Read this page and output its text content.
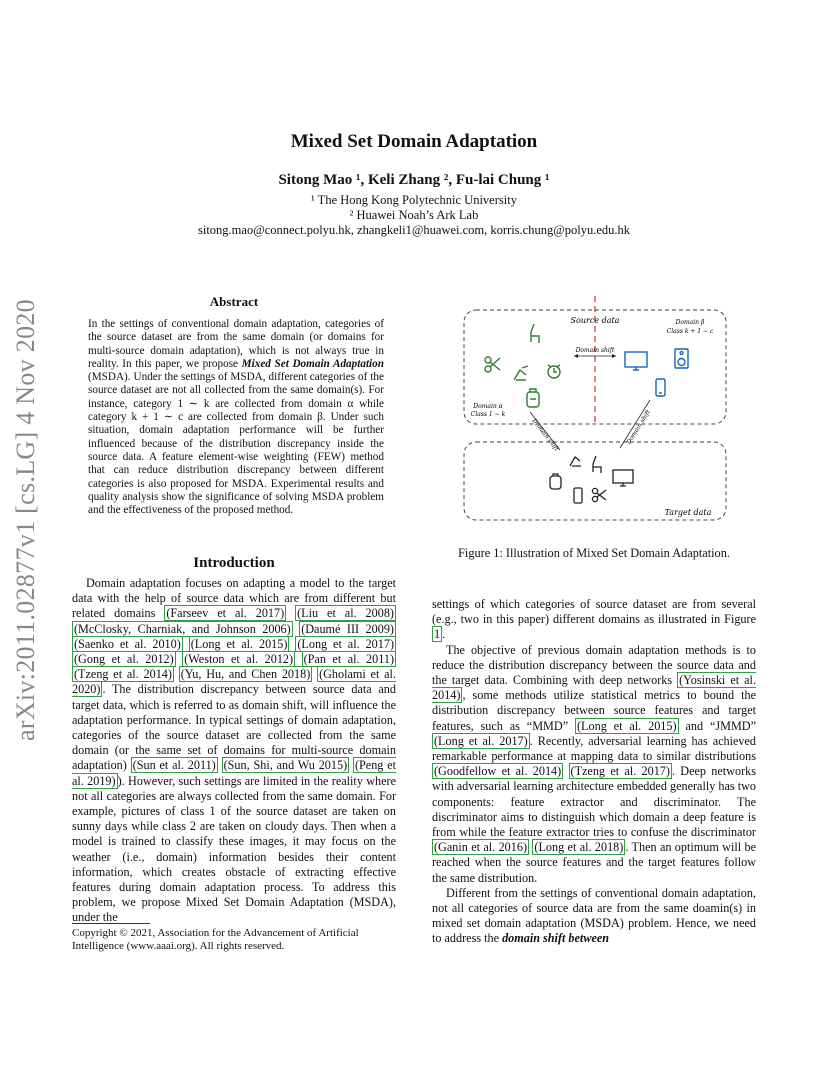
arXiv:2011.02877v1 [cs.LG] 4 Nov 2020
Mixed Set Domain Adaptation
Sitong Mao ¹, Keli Zhang ², Fu-lai Chung ¹
¹ The Hong Kong Polytechnic University
² Huawei Noah’s Ark Lab
sitong.mao@connect.polyu.hk, zhangkeli1@huawei.com, korris.chung@polyu.edu.hk
Abstract
In the settings of conventional domain adaptation, categories of the source dataset are from the same domain (or domains for multi-source domain adaptation), which is not always true in reality. In this paper, we propose Mixed Set Domain Adaptation (MSDA). Under the settings of MSDA, different categories of the source dataset are not all collected from the same domain(s). For instance, category 1 ∼ k are collected from domain α while category k + 1 ∼ c are collected from domain β. Under such situation, domain adaptation performance will be further influenced because of the distribution discrepancy inside the source data. A feature element-wise weighting (FEW) method that can reduce distribution discrepancy between different categories is also proposed for MSDA. Experimental results and quality analysis show the significance of solving MSDA problem and the effectiveness of the proposed method.
Introduction

Domain adaptation focuses on adapting a model to the target data with the help of source data which are from different but related domains (Farseev et al. 2017) (Liu et al. 2008) (McClosky, Charniak, and Johnson 2006) (Daumé III 2009) (Saenko et al. 2010) (Long et al. 2015) (Long et al. 2017) (Gong et al. 2012) (Weston et al. 2012) (Pan et al. 2011) (Tzeng et al. 2014) (Yu, Hu, and Chen 2018) (Gholami et al. 2020) . The distribution discrepancy between source data and target data, which is referred to as domain shift, will influence the adaptation performance. In typical settings of domain adaptation, categories of the source dataset are collected from the same domain (or the same set of domains for multi-source domain adaptation) (Sun et al. 2011) (Sun, Shi, and Wu 2015) (Peng et al. 2019) ). However, such settings are limited in the reality where not all categories are always collected from the same domain. For example, pictures of class 1 of the source dataset are taken on sunny days while class 2 are taken on cloudy days. Then when a model is trained to classify these images, it may focus on the weather (i.e., domain) information besides their content information, which creates obstacle of extracting effective features during domain adaptation process. To address this problem, we propose Mixed Set Domain Adaptation (MSDA), under the

Copyright © 2021, Association for the Advancement of Artificial Intelligence (www.aaai.org). All rights reserved.
Source data	Domain β
Class k + 1 ∼ c
Domain α
Class 1 ∼ k
Domain shift
Domain shift	Domain shift
Target data
Figure 1: Illustration of Mixed Set Domain Adaptation.

settings of which categories of source dataset are from several (e.g., two in this paper) different domains as illustrated in Figure 1 .

The objective of previous domain adaptation methods is to reduce the distribution discrepancy between the source data and the target data. Combining with deep networks (Yosinski et al. 2014) , some methods utilize statistical metrics to bound the distribution discrepancy between source features and target features, such as “MMD” (Long et al. 2015) and “JMMD” (Long et al. 2017) . Recently, adversarial learning has achieved remarkable performance at mapping data to similar distributions (Goodfellow et al. 2014) (Tzeng et al. 2017) . Deep networks with adversarial learning architecture embedded generally has two components: feature extractor and discriminator. The discriminator aims to distinguish which domain a deep feature is from while the feature extractor tries to confuse the discriminator (Ganin et al. 2016) (Long et al. 2018) . Then an optimum will be reached when the source features and the target features follow the same distribution.

Different from the settings of conventional domain adaptation, not all categories of source data are from the same doamin(s) in mixed set domain adaptation (MSDA) problem. Hence, we need to address the domain shift between
